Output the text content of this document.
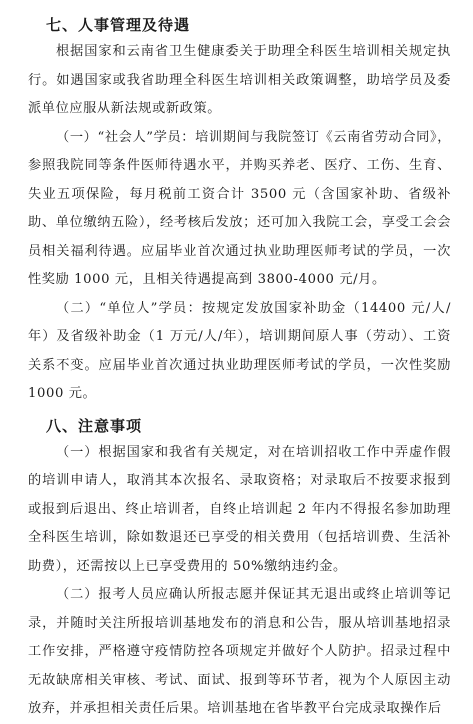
七、人事管理及待遇

根据国家和云南省卫生健康委关于助理全科医生培训相关规定执行。如遇国家或我省助理全科医生培训相关政策调整，助培学员及委派单位应服从新法规或新政策。

（一）“社会人”学员：培训期间与我院签订《云南省劳动合同》，参照我院同等条件医师待遇水平，并购买养老、医疗、工伤、生育、失业五项保险，每月税前工资合计 3500 元（含国家补助、省级补助、单位缴纳五险），经考核后发放；还可加入我院工会，享受工会会员相关福利待遇。应届毕业首次通过执业助理医师考试的学员，一次性奖励 1000 元，且相关待遇提高到 3800-4000 元/月。

（二）“单位人”学员：按规定发放国家补助金（14400 元/人/年）及省级补助金（1 万元/人/年），培训期间原人事（劳动）、工资关系不变。应届毕业首次通过执业助理医师考试的学员，一次性奖励 1000 元。

八、注意事项

（一）根据国家和我省有关规定，对在培训招收工作中弄虚作假的培训申请人，取消其本次报名、录取资格；对录取后不按要求报到或报到后退出、终止培训者，自终止培训起 2 年内不得报名参加助理全科医生培训，除如数退还已享受的相关费用（包括培训费、生活补助费），还需按以上已享受费用的 50%缴纳违约金。

（二）报考人员应确认所报志愿并保证其无退出或终止培训等记录，并随时关注所报培训基地发布的消息和公告，服从培训基地招录工作安排，严格遵守疫情防控各项规定并做好个人防护。招录过程中无故缺席相关审核、考试、面试、报到等环节者，视为个人原因主动放弃，并承担相关责任后果。培训基地在省毕教平台完成录取操作后
